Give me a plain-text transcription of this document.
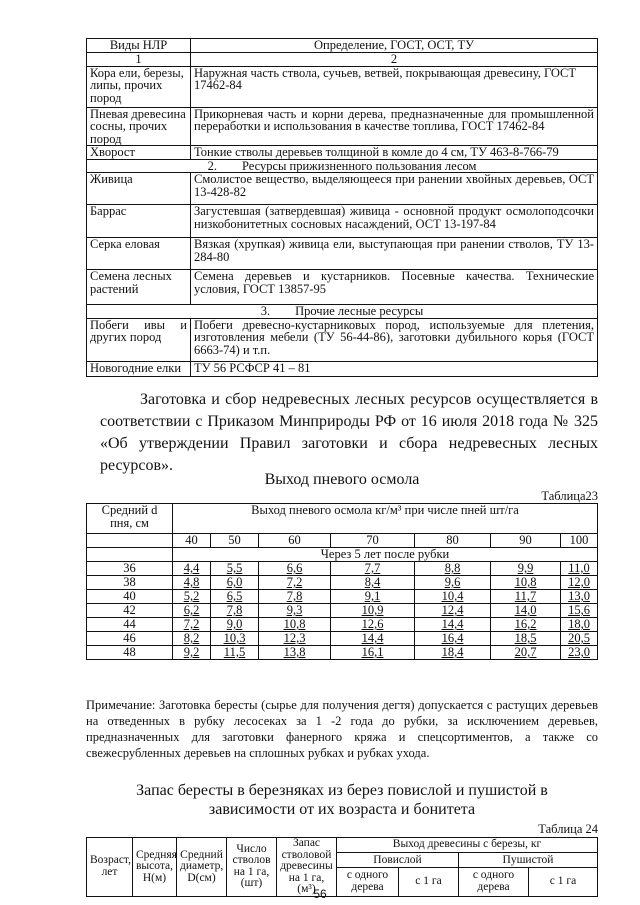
Виды НЛР	Определение, ГОСТ, ОСТ, ТУ
1	2
Кора ели, березы, липы, прочих пород	Наружная часть ствола, сучьев, ветвей, покрывающая древесину, ГОСТ 17462-84
Пневая древесина сосны, прочих пород	Прикорневая часть и корни дерева, предназначенные для промышленной переработки и использования в качестве топлива, ГОСТ 17462-84
Хворост	Тонкие стволы деревьев толщиной в комле до 4 см, ТУ 463-8-766-79
2.        Ресурсы прижизненного пользования лесом	
Живица	Смолистое вещество, выделяющееся при ранении хвойных деревьев, ОСТ 13-428-82
Баррас	Загустевшая (затвердевшая) живица - основной продукт осмолоподсочки низкобонитетных сосновых насаждений, ОСТ 13-197-84
Серка еловая	Вязкая (хрупкая) живица ели, выступающая при ранении стволов, ТУ 13-284-80
Семена лесных растений	Семена деревьев и кустарников. Посевные качества. Технические условия, ГОСТ 13857-95
3.        Прочие лесные ресурсы	
Побеги ивы и других пород	Побеги древесно-кустарниковых пород, используемые для плетения, изготовления мебели (ТУ 56-44-86), заготовки дубильного корья (ГОСТ 6663-74) и т.п.
Новогодние елки	ТУ 56 РСФСР 41 – 81
Заготовка и сбор недревесных лесных ресурсов осуществляется в соответствии с Приказом Минприроды РФ от 16 июля 2018 года № 325 «Об утверждении Правил заготовки и сбора недревесных лесных ресурсов».
Выход пневого осмола
Таблица23
Средний d пня, см	Выход пневого осмола кг/м³ при числе пней шт/га						
	40	50	60	70	80	90	100
	Через 5 лет после рубки						
36	4,4	5,5	6,6	7,7	8,8	9,9	11,0
38	4,8	6,0	7,2	8,4	9,6	10,8	12,0
40	5,2	6,5	7,8	9,1	10,4	11,7	13,0
42	6,2	7,8	9,3	10,9	12,4	14,0	15,6
44	7,2	9,0	10,8	12,6	14,4	16,2	18,0
46	8,2	10,3	12,3	14,4	16,4	18,5	20,5
48	9,2	11,5	13,8	16,1	18,4	20,7	23,0
Примечание: Заготовка бересты (сырье для получения дегтя) допускается с растущих деревьев на отведенных в рубку лесосеках за 1 -2 года до рубки, за исключением деревьев, предназначенных для заготовки фанерного кряжа и спецсортиментов, а также со свежесрубленных деревьев на сплошных рубках и рубках ухода.
Запас бересты в березняках из берез повислой и пушистой в
зависимости от их возраста и бонитета
Таблица 24
Возраст, лет	Средняя высота, Н(м)	Средний диаметр, D(см)	Число стволов на 1 га, (шт)	Запас стволовой древесины на 1 га, (м³)	Выход древесины с березы, кг			
					Повислой		Пушистой	
					с одного дерева	с 1 га	с одного дерева	с 1 га
56
